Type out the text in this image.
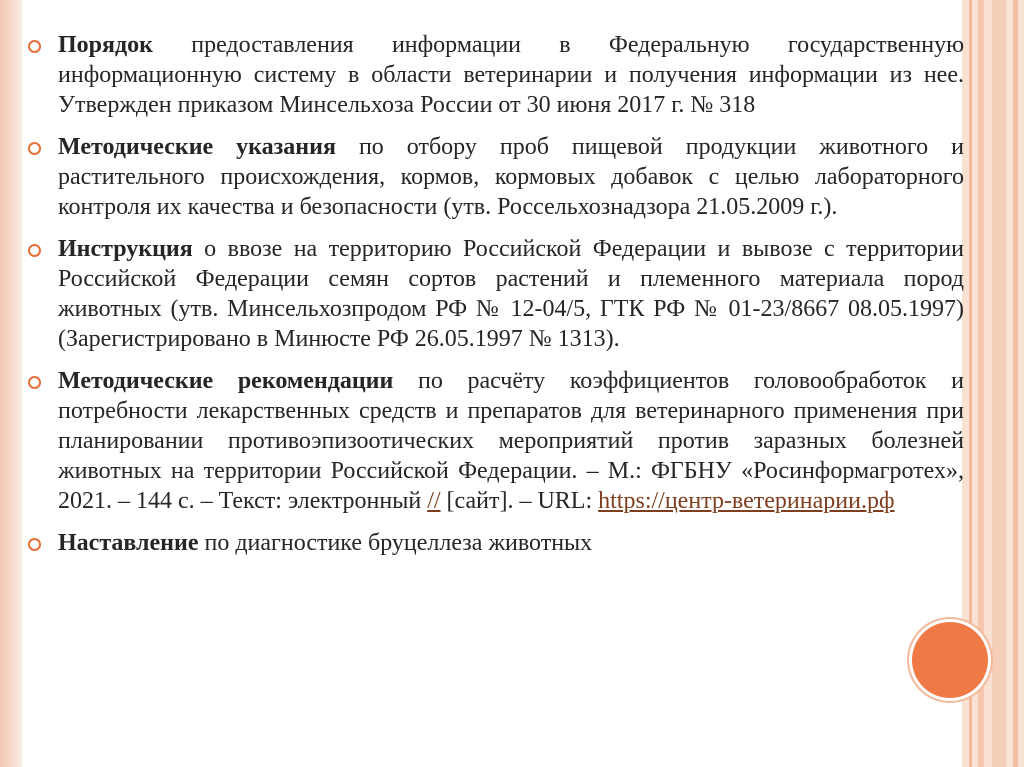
Порядок предоставления информации в Федеральную государственную информационную систему в области ветеринарии и получения информации из нее. Утвержден приказом Минсельхоза России от 30 июня 2017 г. № 318
Методические указания по отбору проб пищевой продукции животного и растительного происхождения, кормов, кормовых добавок с целью лабораторного контроля их качества и безопасности (утв. Россельхознадзора 21.05.2009 г.).
Инструкция о ввозе на территорию Российской Федерации и вывозе с территории Российской Федерации семян сортов растений и племенного материала пород животных (утв. Минсельхозпродом РФ № 12-04/5, ГТК РФ № 01-23/8667 08.05.1997) (Зарегистрировано в Минюсте РФ 26.05.1997 № 1313).
Методические рекомендации по расчёту коэффициентов головообработок и потребности лекарственных средств и препаратов для ветеринарного применения при планировании противоэпизоотических мероприятий против заразных болезней животных на территории Российской Федерации. – М.: ФГБНУ «Росинформагротех», 2021. – 144 с. – Текст: электронный // [сайт]. – URL: https://центр-ветеринарии.рф
Наставление по диагностике бруцеллеза животных
